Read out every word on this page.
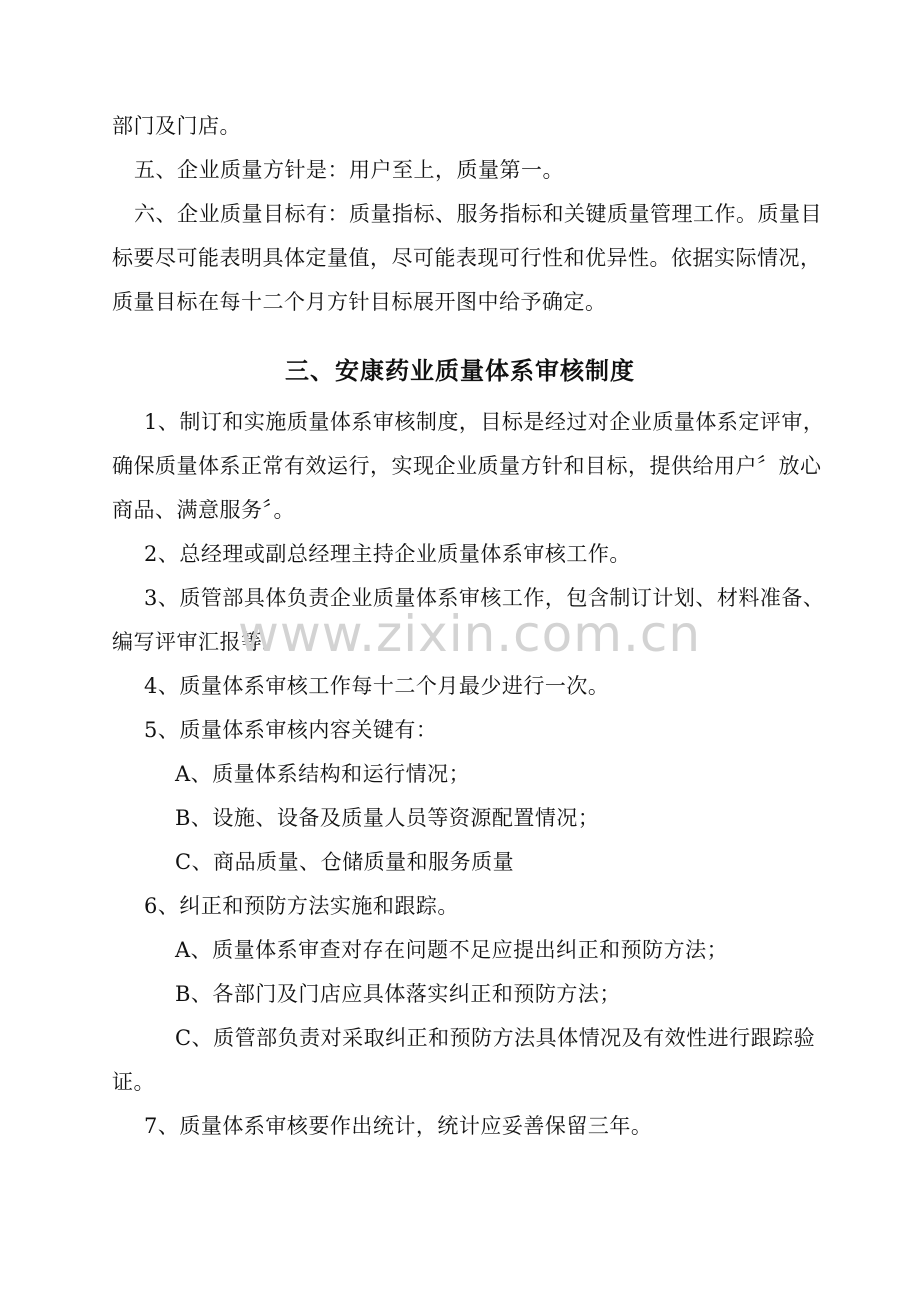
部门及门店。
五、企业质量方针是：用户至上，质量第一。
六、企业质量目标有：质量指标、服务指标和关键质量管理工作。质量目
标要尽可能表明具体定量值，尽可能表现可行性和优异性。依据实际情况，
质量目标在每十二个月方针目标展开图中给予确定。
三、安康药业质量体系审核制度
1、制订和实施质量体系审核制度，目标是经过对企业质量体系定评审，
确保质量体系正常有效运行，实现企业质量方针和目标，提供给用户〞放心
商品、满意服务〞。
2、总经理或副总经理主持企业质量体系审核工作。
3、质管部具体负责企业质量体系审核工作，包含制订计划、材料准备、
编写评审汇报等。
4、质量体系审核工作每十二个月最少进行一次。
5、质量体系审核内容关键有：
A、质量体系结构和运行情况；
B、设施、设备及质量人员等资源配置情况；
C、商品质量、仓储质量和服务质量
6、纠正和预防方法实施和跟踪。
A、质量体系审查对存在问题不足应提出纠正和预防方法；
B、各部门及门店应具体落实纠正和预防方法；
C、质管部负责对采取纠正和预防方法具体情况及有效性进行跟踪验
证。
7、质量体系审核要作出统计，统计应妥善保留三年。
www.zixin.com.cn
